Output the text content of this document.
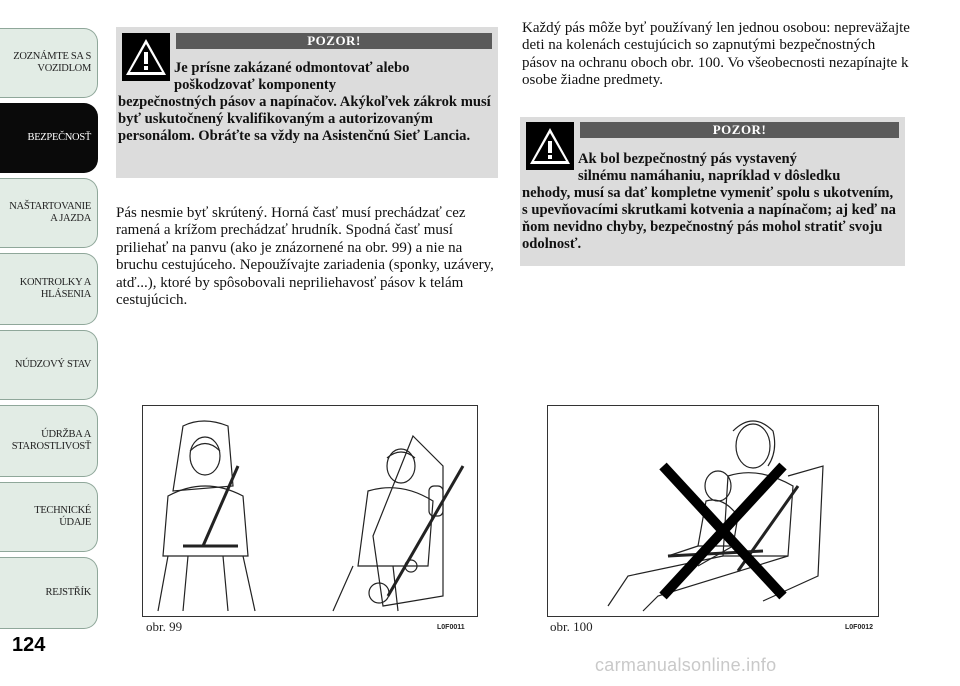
ZOZNÁMTE SA S
VOZIDLOM
BEZPEČNOSŤ
NAŠTARTOVANIE
A JAZDA
KONTROLKY A
HLÁSENIA
NÚDZOVÝ STAV
ÚDRŽBA A
STAROSTLIVOSŤ
TECHNICKÉ
ÚDAJE
REJSTŘÍK
124
POZOR!
Je prísne zakázané odmontovať alebo
poškodzovať komponenty
bezpečnostných pásov a napínačov. Akýkoľvek zákrok musí byť uskutočnený kvalifikovaným a autorizovaným personálom. Obráťte sa vždy na Asistenčnú Sieť Lancia.
Pás nesmie byť skrútený. Horná časť musí prechádzať cez ramená a krížom prechádzať hrudník. Spodná časť musí priliehať na panvu (ako je znázornené na obr. 99) a nie na bruchu cestujúceho. Nepoužívajte zariadenia (sponky, uzávery, atď...), ktoré by spôsobovali nepriliehavosť pásov k telám cestujúcich.
Každý pás môže byť používaný len jednou osobou: nepreväžajte deti na kolenách cestujúcich so zapnutými bezpečnostných pásov na ochranu oboch obr. 100. Vo všeobecnosti nezapínajte k osobe žiadne predmety.
POZOR!
Ak bol bezpečnostný pás vystavený
silnému namáhaniu, napríklad v dôsledku
nehody, musí sa dať kompletne vymeniť spolu s ukotvením, s upevňovacími skrutkami kotvenia a napínačom; aj keď na ňom nevidno chyby, bezpečnostný pás mohol stratiť svoju odolnosť.
obr. 99	L0F0011	obr. 100	L0F0012
carmanualsonline.info
